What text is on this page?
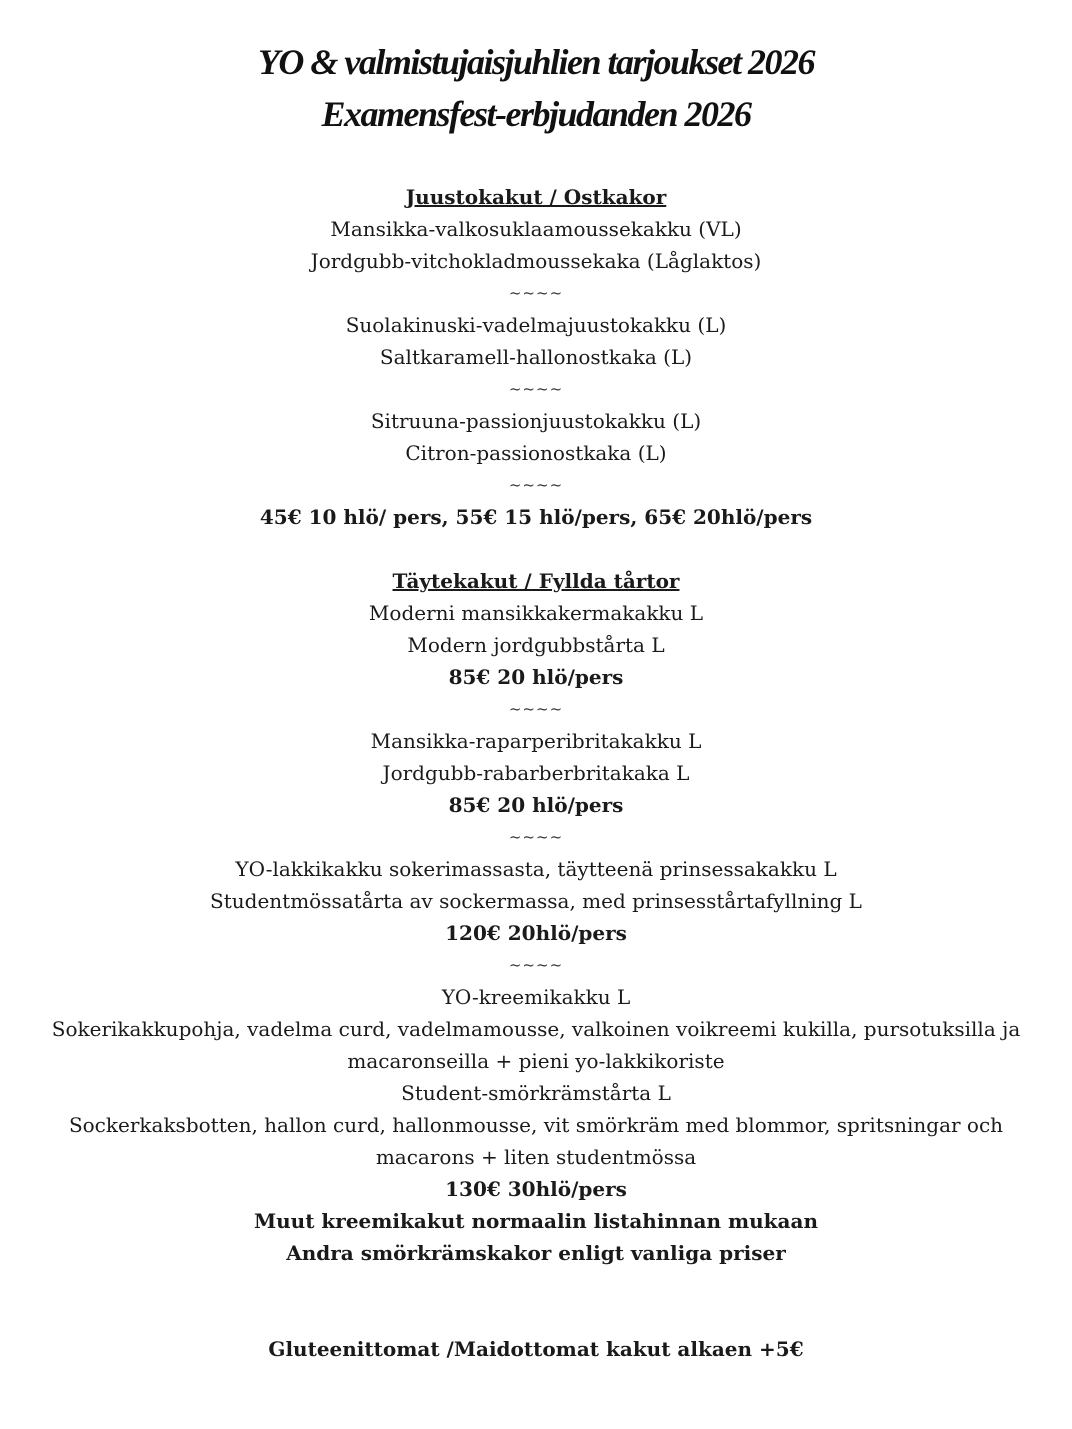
YO & valmistujaisjuhlien tarjoukset 2026
Examensfest-erbjudanden 2026
Juustokakut / Ostkakor
Mansikka-valkosuklaamoussekakku (VL)
Jordgubb-vitchokladmoussekaka (Låglaktos)
~~~~
Suolakinuski-vadelmajuustokakku (L)
Saltkaramell-hallonostkaka (L)
~~~~
Sitruuna-passionjuustokakku (L)
Citron-passionostkaka (L)
~~~~
45€ 10 hlö/ pers, 55€ 15 hlö/pers, 65€ 20hlö/pers
Täytekakut / Fyllda tårtor
Moderni mansikkakermakakku L
Modern jordgubbstårta L
85€ 20 hlö/pers
~~~~
Mansikka-raparperibritakakku L
Jordgubb-rabarberbritakaka L
85€ 20 hlö/pers
~~~~
YO-lakkikakku sokerimassasta, täytteenä prinsessakakku L
Studentmössatårta av sockermassa, med prinsesstårtafyllning L
120€ 20hlö/pers
~~~~
YO-kreemikakku L
Sokerikakkupohja, vadelma curd, vadelmamousse, valkoinen voikreemi kukilla, pursotuksilla ja
macaronseilla + pieni yo-lakkikoriste
Student-smörkrämstårta L
Sockerkaksbotten, hallon curd, hallonmousse, vit smörkräm med blommor, spritsningar och
macarons + liten studentmössa
130€ 30hlö/pers
Muut kreemikakut normaalin listahinnan mukaan
Andra smörkrämskakor enligt vanliga priser
Gluteenittomat /Maidottomat kakut alkaen +5€
